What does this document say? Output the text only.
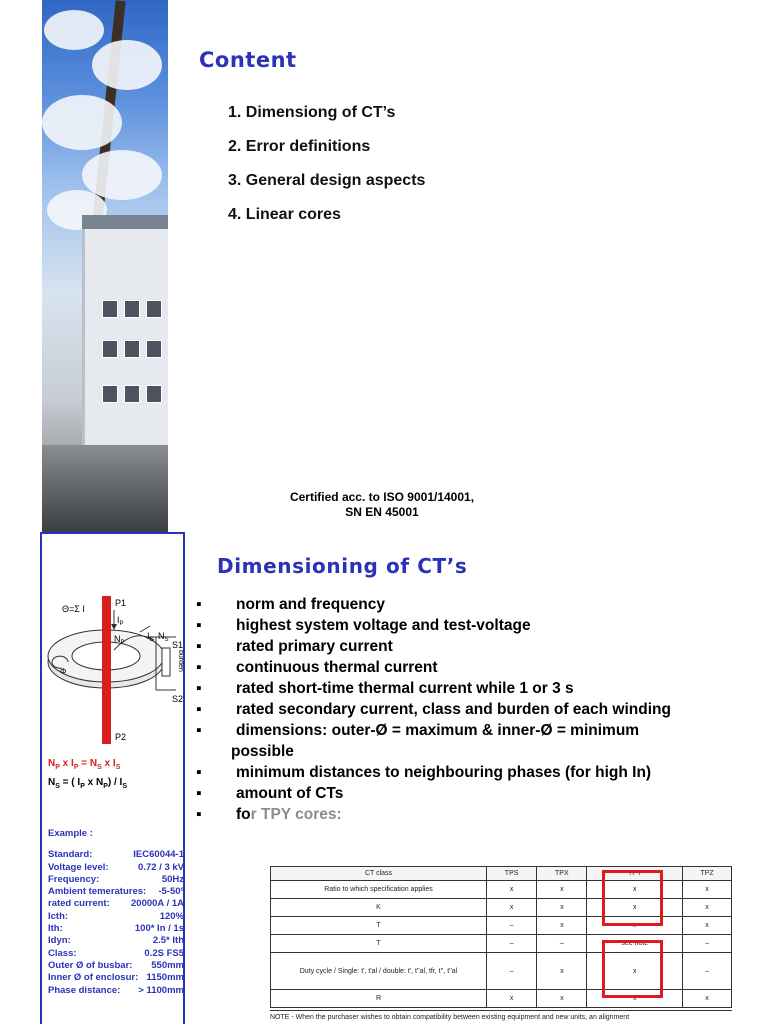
Content
1. Dimensiong of CT’s
2. Error definitions
3. General design aspects
4. Linear cores
Certified acc. to ISO 9001/14001,
SN EN 45001
Θ=Σ I
P1
P2
$I_P$
$N_P$
$I_S$ $N_S$ S1
S2
burden
Φ
$N_P$ x $I_P = N_S$ x $I_S$
$N_S$ = ( $I_P$ x $N_P) / I_S$
Example :
Standard:	IEC60044-1
Voltage level:	0.72 / 3 kV
Frequency:	50Hz
Ambient temeratures: -5-50º
rated current: 20000A / 1A
Icth:	120%
Ith:	100* In / 1s
Idyn:	2.5* Ith
Class:	0.2S FS5
Outer Ø of busbar: 550mm
Inner Ø of enclosur: 1150mm
Phase distance: > 1100mm
Dimensioning of CT’s
▪ norm and frequency
▪ highest system voltage and test-voltage
▪ rated primary current
▪ continuous thermal current
▪ rated short-time thermal current while 1 or 3 s
▪ rated secondary current, class and burden of each winding
▪ dimensions: outer-Ø = maximum & inner-Ø = minimum
possible
▪ minimum distances to neighbouring phases (for high In)
▪ amount of CTs
▪ for TPY cores:
CT class	TPS	TPX	TPY	TPZ
Ratio to which specification applies	x	x	x	x
K	x	x	x	x
T	–	x	x	x
T	–	–	see note	–
Duty cycle / Single: t', t'al / double: t', t''al, tfr, t'', t''al	–	x	x	–
R	x	x	x	x
NOTE - When the purchaser wishes to obtain compatibility between existing equipment and new units, an alignment
